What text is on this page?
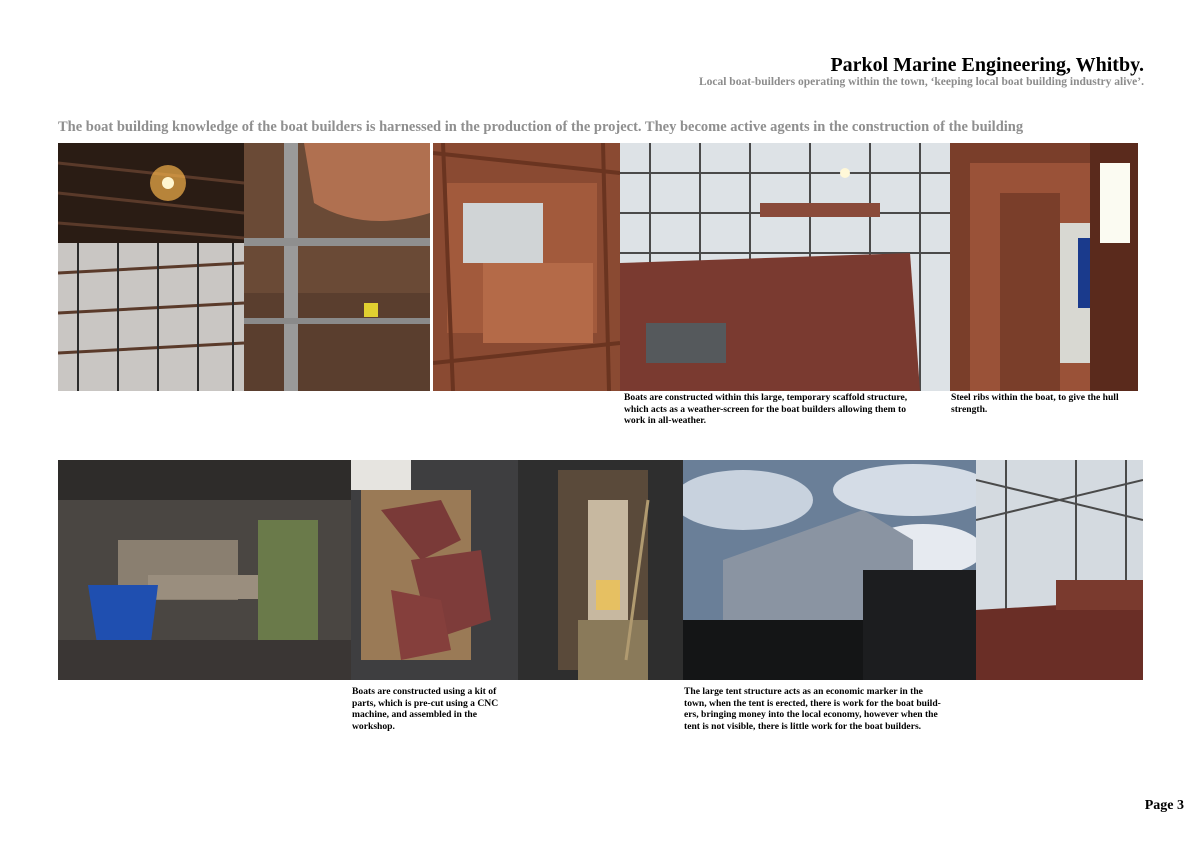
Parkol Marine Engineering, Whitby.
Local boat-builders operating within the town, ‘keeping local boat building industry alive’.
The boat building knowledge of the boat builders is harnessed in the production of the project. They become active agents in the construction of the building
Boats are constructed within this large, temporary scaffold structure,
which acts as a weather-screen for the boat builders allowing them to
work in all-weather.
Steel ribs within the boat, to give the hull
strength.
Boats are constructed using a kit of
parts, which is pre-cut using a CNC
machine, and assembled in the
workshop.
The large tent structure acts as an economic marker in the
town, when the tent is erected, there is work for the boat build-
ers, bringing money into the local economy, however when the
tent is not visible, there is little work for the boat builders.
Page 3
